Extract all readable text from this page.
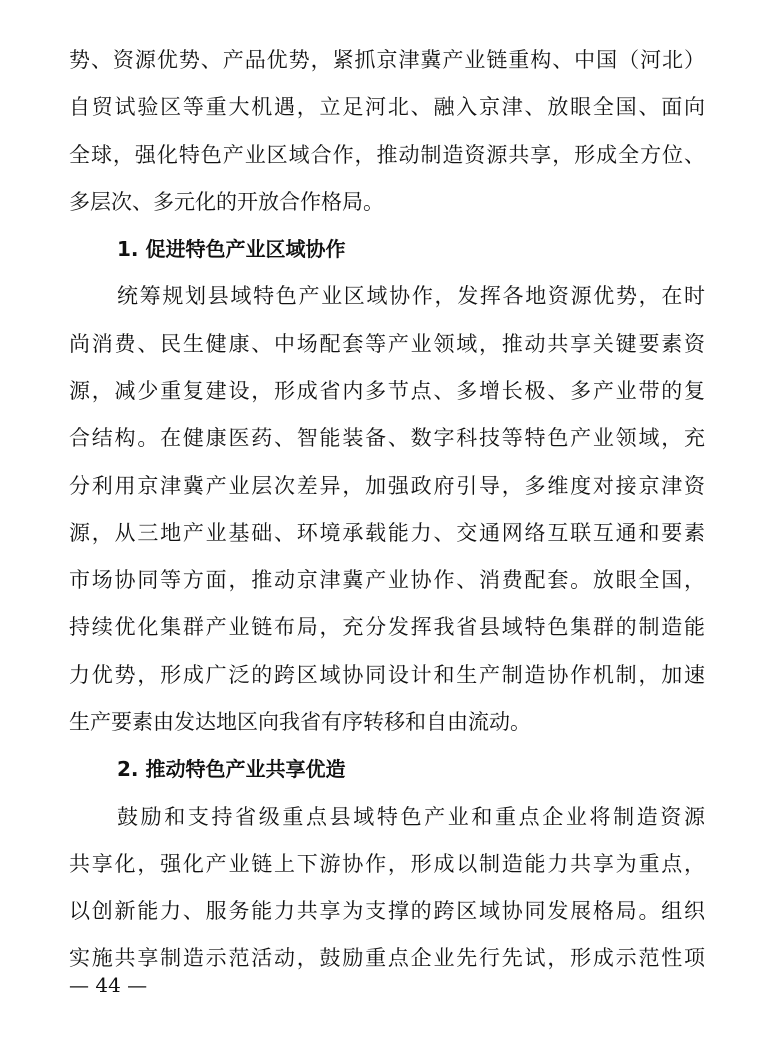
势、资源优势、产品优势，紧抓京津冀产业链重构、中国（河北）
自贸试验区等重大机遇，立足河北、融入京津、放眼全国、面向
全球，强化特色产业区域合作，推动制造资源共享，形成全方位、
多层次、多元化的开放合作格局。
1. 促进特色产业区域协作
统筹规划县域特色产业区域协作，发挥各地资源优势，在时
尚消费、民生健康、中场配套等产业领域，推动共享关键要素资
源，减少重复建设，形成省内多节点、多增长极、多产业带的复
合结构。在健康医药、智能装备、数字科技等特色产业领域，充
分利用京津冀产业层次差异，加强政府引导，多维度对接京津资
源，从三地产业基础、环境承载能力、交通网络互联互通和要素
市场协同等方面，推动京津冀产业协作、消费配套。放眼全国，
持续优化集群产业链布局，充分发挥我省县域特色集群的制造能
力优势，形成广泛的跨区域协同设计和生产制造协作机制，加速
生产要素由发达地区向我省有序转移和自由流动。
2. 推动特色产业共享优造
鼓励和支持省级重点县域特色产业和重点企业将制造资源
共享化，强化产业链上下游协作，形成以制造能力共享为重点，
以创新能力、服务能力共享为支撑的跨区域协同发展格局。组织
实施共享制造示范活动，鼓励重点企业先行先试，形成示范性项
— 44 —
